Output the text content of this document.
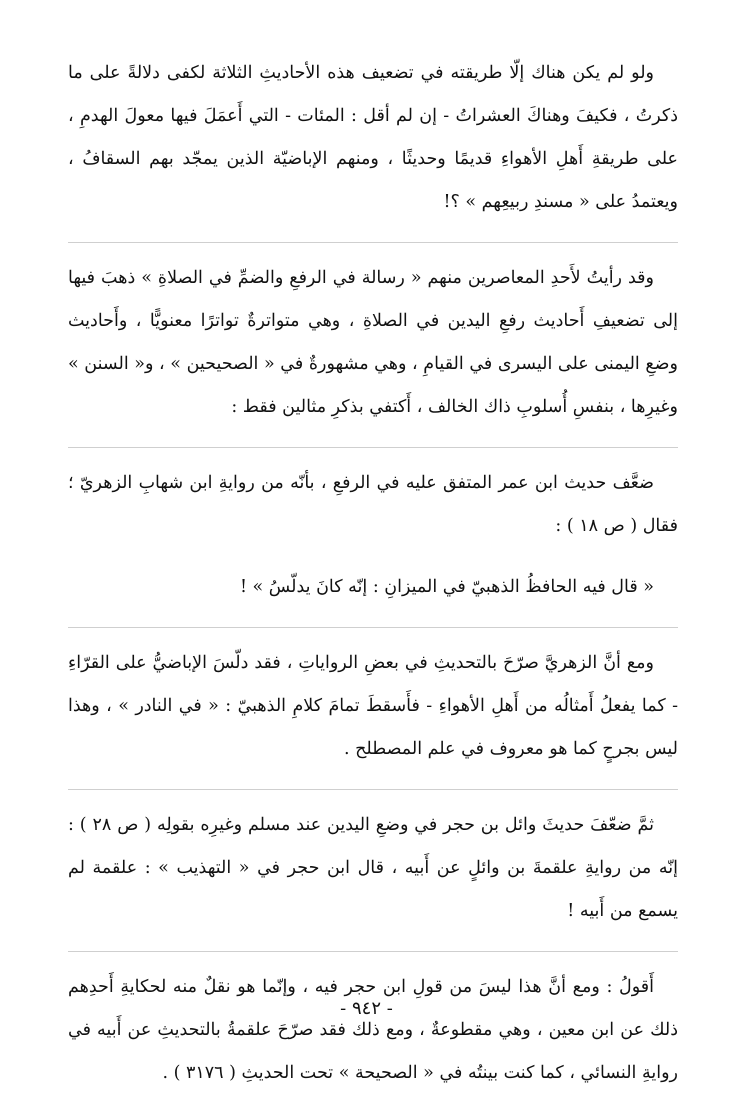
ولو لم يكن هناك إلّا طريقته في تضعيف هذه الأحاديثِ الثلاثة لكفى دلالةً على ما ذكرتُ ، فكيفَ وهناكَ العشراتُ - إن لم أقل : المئات - التي أَعمَلَ فيها معولَ الهدمِ ، على طريقةِ أَهلِ الأهواءِ قديمًا وحديثًا ، ومنهم الإباضيّة الذين يمجّد بهم السقافُ ، ويعتمدُ على « مسندِ ربيعِهم » ؟!

وقد رأيتُ لأَحدِ المعاصرين منهم « رسالة في الرفعِ والضمِّ في الصلاةِ » ذهبَ فيها إلى تضعيفِ أَحاديث رفعِ اليدين في الصلاةِ ، وهي متواترةٌ تواترًا معنويًّا ، وأَحاديث وضعِ اليمنى على اليسرى في القيامِ ، وهي مشهورةٌ في « الصحيحين » ، و« السنن » وغيرِها ، بنفسِ أُسلوبِ ذاك الخالف ، أَكتفي بذكرِ مثالين فقط :

ضعَّف حديث ابن عمر المتفق عليه في الرفعِ ، بأنّه من روايةِ ابن شهابِ الزهريّ ؛ فقال ( ص ١٨ ) :

« قال فيه الحافظُ الذهبيّ في الميزانِ : إنّه كانَ يدلّسُ » !

ومع أنَّ الزهريَّ صرّحَ بالتحديثِ في بعضِ الرواياتِ ، فقد دلّسَ الإباضيُّ على القرّاءِ - كما يفعلُ أَمثالُه من أَهلِ الأهواءِ - فأَسقطَ تمامَ كلامِ الذهبيّ : « في النادر » ، وهذا ليس بجرحٍ كما هو معروف في علم المصطلح .

ثمَّ ضعّفَ حديثَ وائل بن حجر في وضعِ اليدين عند مسلم وغيرِه بقولِه ( ص ٢٨ ) : إنّه من روايةِ علقمةَ بن وائلٍ عن أَبيه ، قال ابن حجر في « التهذيب » : علقمة لم يسمع من أَبيه !

أَقولُ : ومع أنَّ هذا ليسَ من قولِ ابن حجر فيه ، وإنّما هو نقلٌ منه لحكايةِ أَحدِهم ذلك عن ابن معين ، وهي مقطوعةٌ ، ومع ذلك فقد صرّحَ علقمةُ بالتحديثِ عن أَبيه في روايةِ النسائي ، كما كنت بينتُه في « الصحيحة » تحت الحديثِ ( ٣١٧٦ ) .

- ٩٤٢ -
